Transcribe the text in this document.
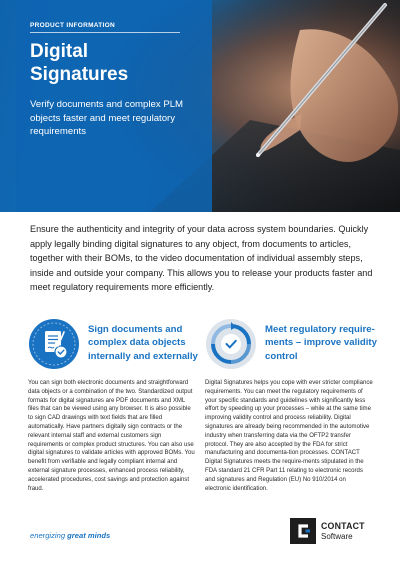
PRODUCT INFORMATION
Digital
Signatures
Verify documents and complex PLM objects faster and meet regulatory requirements

Ensure the authenticity and integrity of your data across system boundaries. Quickly apply legally binding digital signatures to any object, from documents to articles, together with their BOMs, to the video documentation of individual assembly steps, inside and outside your company. This allows you to release your products faster and meet regulatory requirements more efficiently.

Sign documents and complex data objects internally and externally

You can sign both electronic documents and straightforward data objects or a combination of the two. Standardized output formats for digital signatures are PDF documents and XML files that can be viewed using any browser. It is also possible to sign CAD drawings with text fields that are filled automatically. Have partners digitally sign contracts or the relevant internal staff and external customers sign requirements or complex product structures. You can also use digital signatures to validate articles with approved BOMs. You benefit from verifiable and legally compliant internal and external signature processes, enhanced process reliability, accelerated procedures, cost savings and protection against fraud.

Meet regulatory require-ments – improve validity control

Digital Signatures helps you cope with ever stricter compliance requirements. You can meet the regulatory requirements of your specific standards and guidelines with significantly less effort by speeding up your processes – while at the same time improving validity control and process reliability. Digital signatures are already being recommended in the automotive industry when transferring data via the OFTP2 transfer protocol. They are also accepted by the FDA for strict manufacturing and documenta-tion processes. CONTACT Digital Signatures meets the require-ments stipulated in the FDA standard 21 CFR Part 11 relating to electronic records and signatures and Regulation (EU) No 910/2014 on electronic identification.

energizing great minds
CONTACT
Software
